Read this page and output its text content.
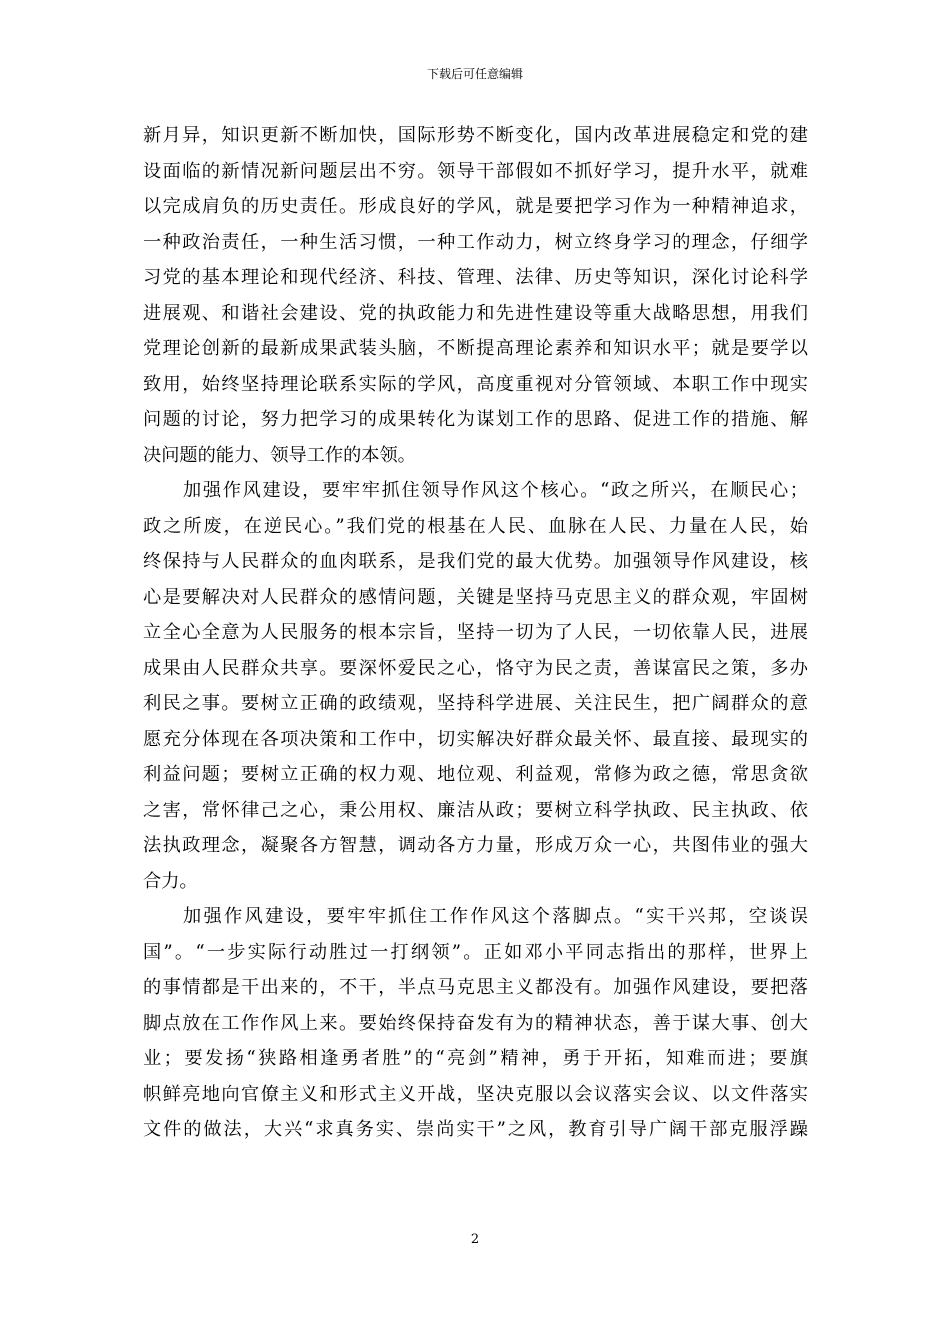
下载后可任意编辑
新月异，知识更新不断加快，国际形势不断变化，国内改革进展稳定和党的建
设面临的新情况新问题层出不穷。领导干部假如不抓好学习，提升水平，就难
以完成肩负的历史责任。形成良好的学风，就是要把学习作为一种精神追求，
一种政治责任，一种生活习惯，一种工作动力，树立终身学习的理念，仔细学
习党的基本理论和现代经济、科技、管理、法律、历史等知识，深化讨论科学
进展观、和谐社会建设、党的执政能力和先进性建设等重大战略思想，用我们
党理论创新的最新成果武装头脑，不断提高理论素养和知识水平；就是要学以
致用，始终坚持理论联系实际的学风，高度重视对分管领域、本职工作中现实
问题的讨论，努力把学习的成果转化为谋划工作的思路、促进工作的措施、解
决问题的能力、领导工作的本领。
加强作风建设，要牢牢抓住领导作风这个核心。“政之所兴，在顺民心；
政之所废，在逆民心。”我们党的根基在人民、血脉在人民、力量在人民，始
终保持与人民群众的血肉联系，是我们党的最大优势。加强领导作风建设，核
心是要解决对人民群众的感情问题，关键是坚持马克思主义的群众观，牢固树
立全心全意为人民服务的根本宗旨，坚持一切为了人民，一切依靠人民，进展
成果由人民群众共享。要深怀爱民之心，恪守为民之责，善谋富民之策，多办
利民之事。要树立正确的政绩观，坚持科学进展、关注民生，把广阔群众的意
愿充分体现在各项决策和工作中，切实解决好群众最关怀、最直接、最现实的
利益问题；要树立正确的权力观、地位观、利益观，常修为政之德，常思贪欲
之害，常怀律己之心，秉公用权、廉洁从政；要树立科学执政、民主执政、依
法执政理念，凝聚各方智慧，调动各方力量，形成万众一心，共图伟业的强大
合力。
加强作风建设，要牢牢抓住工作作风这个落脚点。“实干兴邦，空谈误
国”。“一步实际行动胜过一打纲领”。正如邓小平同志指出的那样，世界上
的事情都是干出来的，不干，半点马克思主义都没有。加强作风建设，要把落
脚点放在工作作风上来。要始终保持奋发有为的精神状态，善于谋大事、创大
业；要发扬“狭路相逢勇者胜”的“亮剑”精神，勇于开拓，知难而进；要旗
帜鲜亮地向官僚主义和形式主义开战，坚决克服以会议落实会议、以文件落实
文件的做法，大兴“求真务实、崇尚实干”之风，教育引导广阔干部克服浮躁
2
